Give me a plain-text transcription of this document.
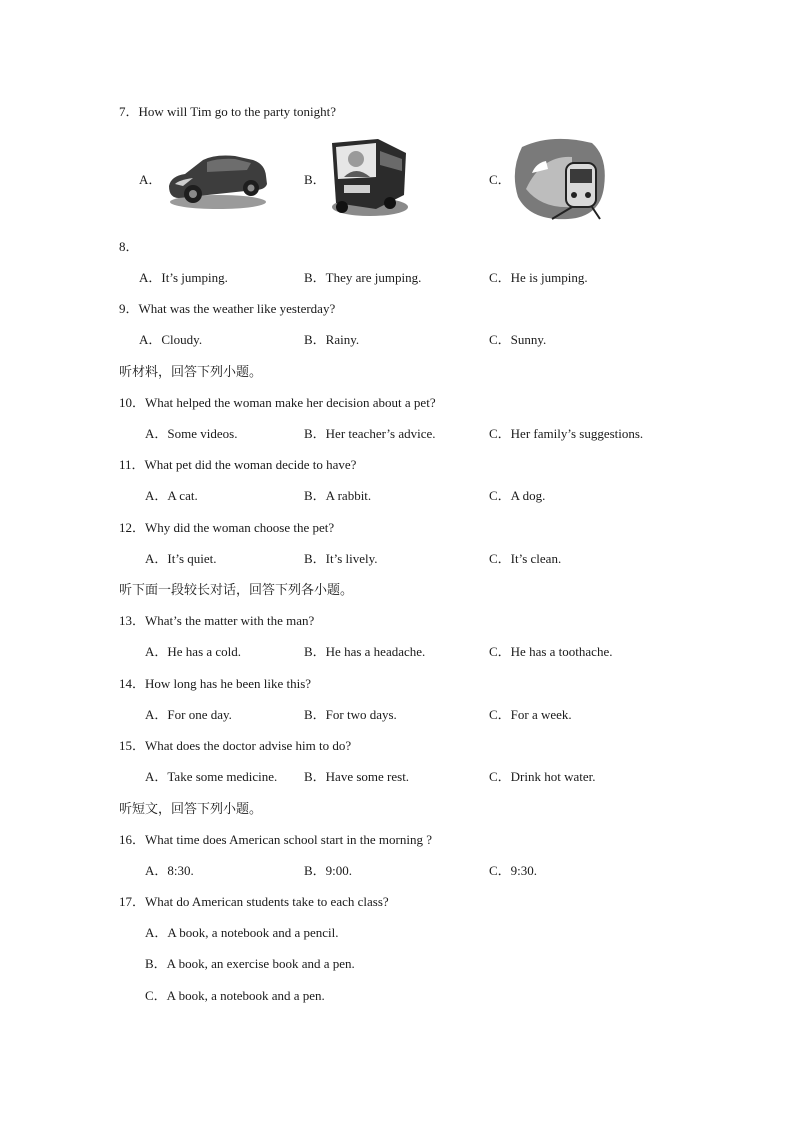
7．How will Tim go to the party tonight?
A．	B．	C．
8．
A．It’s jumping.	B．They are jumping.	C．He is jumping.
9．What was the weather like yesterday?
A．Cloudy.	B．Rainy.	C．Sunny.
听材料，回答下列小题。
10．What helped the woman make her decision about a pet?
A．Some videos.	B．Her teacher’s advice.	C．Her family’s suggestions.
11．What pet did the woman decide to have?
A．A cat.	B．A rabbit.	C．A dog.
12．Why did the woman choose the pet?
A．It’s quiet.	B．It’s lively.	C．It’s clean.
听下面一段较长对话，回答下列各小题。
13．What’s the matter with the man?
A．He has a cold.	B．He has a headache.	C．He has a toothache.
14．How long has he been like this?
A．For one day.	B．For two days.	C．For a week.
15．What does the doctor advise him to do?
A．Take some medicine. B．Have some rest.	C．Drink hot water.
听短文，回答下列小题。
16．What time does American school start in the morning ?
A．8:30.	B．9:00.	C．9:30.
17．What do American students take to each class?
A．A book, a notebook and a pencil.
B．A book, an exercise book and a pen.
C．A book, a notebook and a pen.
